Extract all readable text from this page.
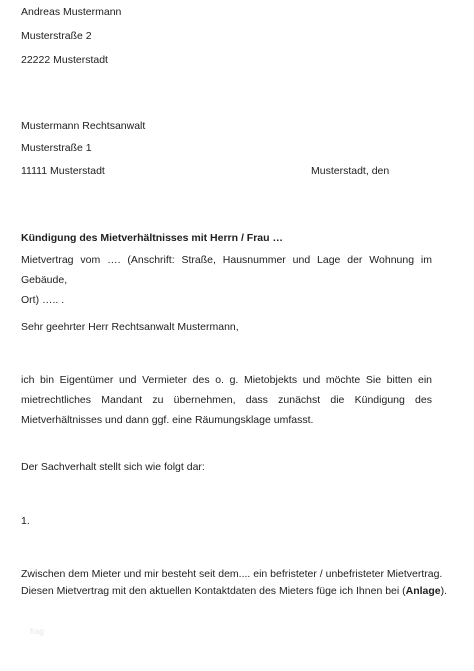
Andreas Mustermann
Musterstraße 2
22222 Musterstadt
Mustermann Rechtsanwalt
Musterstraße 1
11111 Musterstadt	Musterstadt, den
Kündigung des Mietverhältnisses mit Herrn / Frau …
Mietvertrag vom …. (Anschrift: Straße, Hausnummer und Lage der Wohnung im Gebäude,
Ort) ….. .
Sehr geehrter Herr Rechtsanwalt Mustermann,
ich bin Eigentümer und Vermieter des o. g. Mietobjekts und möchte Sie bitten ein
mietrechtliches Mandant zu übernehmen, dass zunächst die Kündigung des
Mietverhältnisses und dann ggf. eine Räumungsklage umfasst.
Der Sachverhalt stellt sich wie folgt dar:
1.
Zwischen dem Mieter und mir besteht seit dem.... ein befristeter / unbefristeter Mietvertrag.
Diesen Mietvertrag mit den aktuellen Kontaktdaten des Mieters füge ich Ihnen bei (Anlage).
frag
